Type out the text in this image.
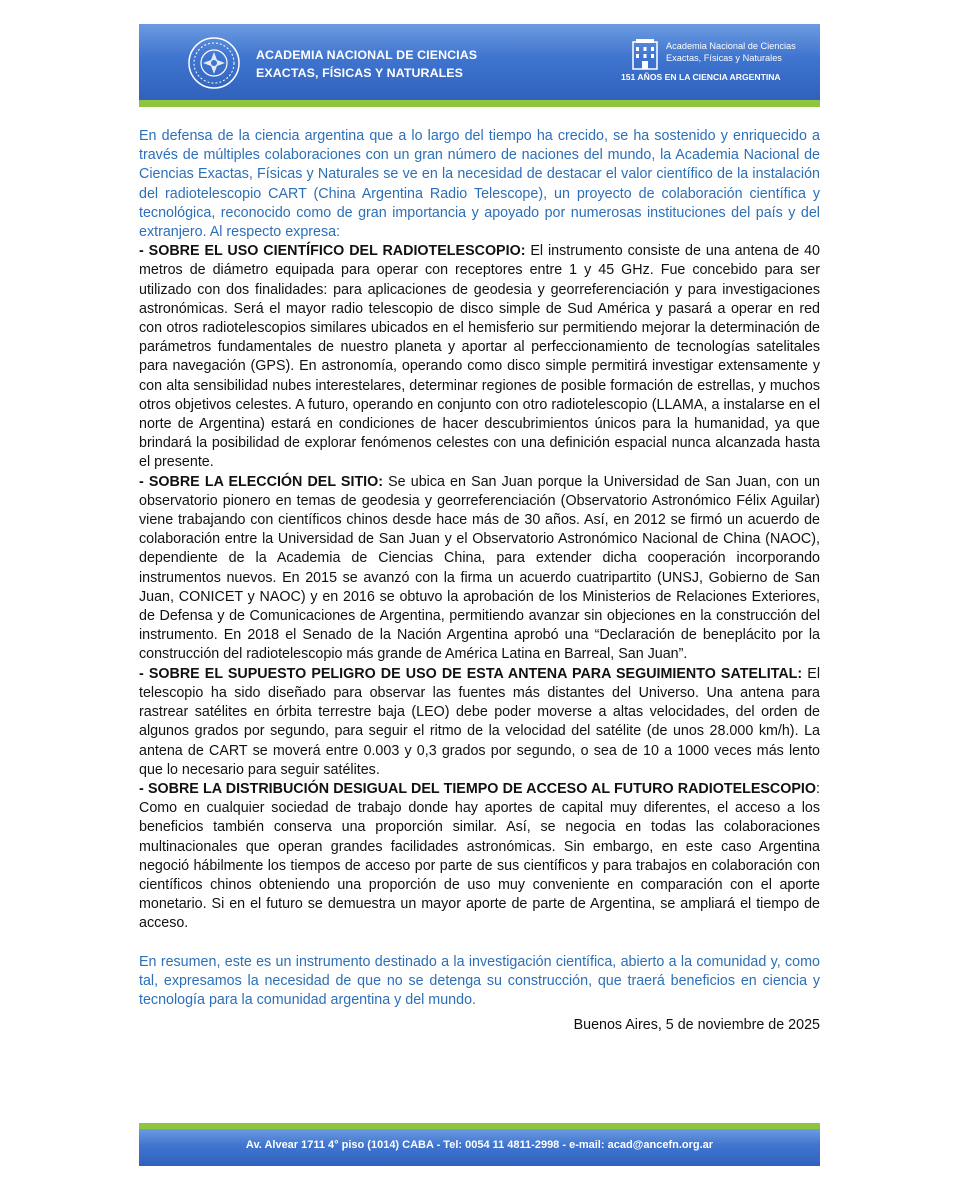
ACADEMIA NACIONAL DE CIENCIAS
EXACTAS, FÍSICAS Y NATURALES
Academia Nacional de Ciencias
Exactas, Físicas y Naturales
151 AÑOS EN LA CIENCIA ARGENTINA

En defensa de la ciencia argentina que a lo largo del tiempo ha crecido, se ha sostenido y enriquecido a través de múltiples colaboraciones con un gran número de naciones del mundo, la Academia Nacional de Ciencias Exactas, Físicas y Naturales se ve en la necesidad de destacar el valor científico de la instalación del radiotelescopio CART (China Argentina Radio Telescope), un proyecto de colaboración científica y tecnológica, reconocido como de gran importancia y apoyado por numerosas instituciones del país y del extranjero. Al respecto expresa:

- SOBRE EL USO CIENTÍFICO DEL RADIOTELESCOPIO: El instrumento consiste de una antena de 40 metros de diámetro equipada para operar con receptores entre 1 y 45 GHz. Fue concebido para ser utilizado con dos finalidades: para aplicaciones de geodesia y georreferenciación y para investigaciones astronómicas. Será el mayor radio telescopio de disco simple de Sud América y pasará a operar en red con otros radiotelescopios similares ubicados en el hemisferio sur permitiendo mejorar la determinación de parámetros fundamentales de nuestro planeta y aportar al perfeccionamiento de tecnologías satelitales para navegación (GPS). En astronomía, operando como disco simple permitirá investigar extensamente y con alta sensibilidad nubes interestelares, determinar regiones de posible formación de estrellas, y muchos otros objetivos celestes. A futuro, operando en conjunto con otro radiotelescopio (LLAMA, a instalarse en el norte de Argentina) estará en condiciones de hacer descubrimientos únicos para la humanidad, ya que brindará la posibilidad de explorar fenómenos celestes con una definición espacial nunca alcanzada hasta el presente.

- SOBRE LA ELECCIÓN DEL SITIO: Se ubica en San Juan porque la Universidad de San Juan, con un observatorio pionero en temas de geodesia y georreferenciación (Observatorio Astronómico Félix Aguilar) viene trabajando con científicos chinos desde hace más de 30 años. Así, en 2012 se firmó un acuerdo de colaboración entre la Universidad de San Juan y el Observatorio Astronómico Nacional de China (NAOC), dependiente de la Academia de Ciencias China, para extender dicha cooperación incorporando instrumentos nuevos. En 2015 se avanzó con la firma un acuerdo cuatripartito (UNSJ, Gobierno de San Juan, CONICET y NAOC) y en 2016 se obtuvo la aprobación de los Ministerios de Relaciones Exteriores, de Defensa y de Comunicaciones de Argentina, permitiendo avanzar sin objeciones en la construcción del instrumento. En 2018 el Senado de la Nación Argentina aprobó una “Declaración de beneplácito por la construcción del radiotelescopio más grande de América Latina en Barreal, San Juan”.

- SOBRE EL SUPUESTO PELIGRO DE USO DE ESTA ANTENA PARA SEGUIMIENTO SATELITAL: El telescopio ha sido diseñado para observar las fuentes más distantes del Universo. Una antena para rastrear satélites en órbita terrestre baja (LEO) debe poder moverse a altas velocidades, del orden de algunos grados por segundo, para seguir el ritmo de la velocidad del satélite (de unos 28.000 km/h). La antena de CART se moverá entre 0.003 y 0,3 grados por segundo, o sea de 10 a 1000 veces más lento que lo necesario para seguir satélites.

- SOBRE LA DISTRIBUCIÓN DESIGUAL DEL TIEMPO DE ACCESO AL FUTURO RADIOTELESCOPIO: Como en cualquier sociedad de trabajo donde hay aportes de capital muy diferentes, el acceso a los beneficios también conserva una proporción similar. Así, se negocia en todas las colaboraciones multinacionales que operan grandes facilidades astronómicas. Sin embargo, en este caso Argentina negoció hábilmente los tiempos de acceso por parte de sus científicos y para trabajos en colaboración con científicos chinos obteniendo una proporción de uso muy conveniente en comparación con el aporte monetario. Si en el futuro se demuestra un mayor aporte de parte de Argentina, se ampliará el tiempo de acceso.

En resumen, este es un instrumento destinado a la investigación científica, abierto a la comunidad y, como tal, expresamos la necesidad de que no se detenga su construcción, que traerá beneficios en ciencia y tecnología para la comunidad argentina y del mundo.

Buenos Aires, 5 de noviembre de 2025

Av. Alvear 1711 4° piso (1014) CABA - Tel: 0054 11 4811-2998 - e-mail: acad@ancefn.org.ar
